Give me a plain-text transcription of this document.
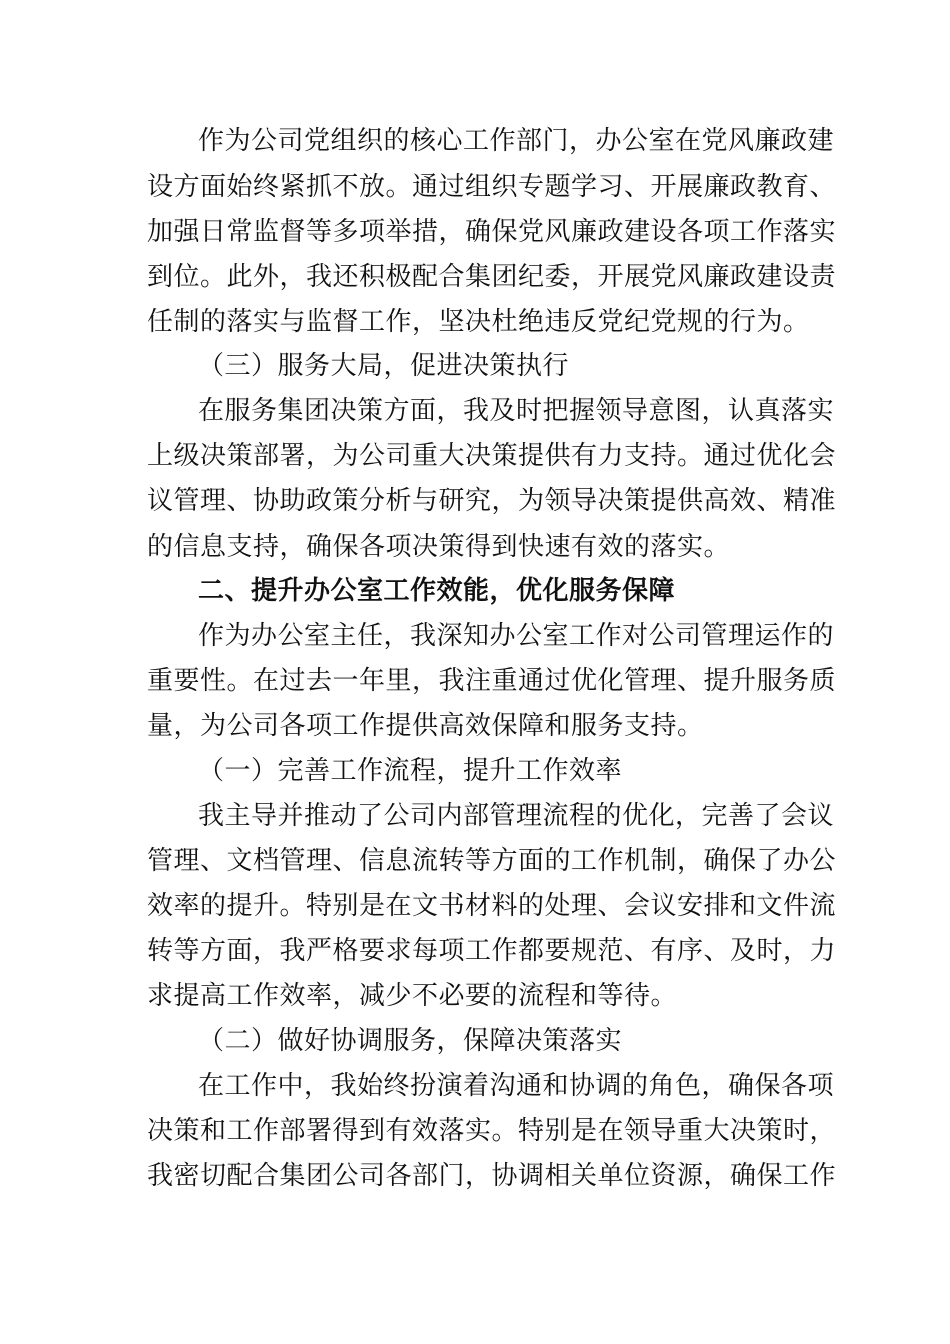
作为公司党组织的核心工作部门，办公室在党风廉政建
设方面始终紧抓不放。通过组织专题学习、开展廉政教育、
加强日常监督等多项举措，确保党风廉政建设各项工作落实
到位。此外，我还积极配合集团纪委，开展党风廉政建设责
任制的落实与监督工作，坚决杜绝违反党纪党规的行为。
（三）服务大局，促进决策执行
在服务集团决策方面，我及时把握领导意图，认真落实
上级决策部署，为公司重大决策提供有力支持。通过优化会
议管理、协助政策分析与研究，为领导决策提供高效、精准
的信息支持，确保各项决策得到快速有效的落实。
二、提升办公室工作效能，优化服务保障
作为办公室主任，我深知办公室工作对公司管理运作的
重要性。在过去一年里，我注重通过优化管理、提升服务质
量，为公司各项工作提供高效保障和服务支持。
（一）完善工作流程，提升工作效率
我主导并推动了公司内部管理流程的优化，完善了会议
管理、文档管理、信息流转等方面的工作机制，确保了办公
效率的提升。特别是在文书材料的处理、会议安排和文件流
转等方面，我严格要求每项工作都要规范、有序、及时，力
求提高工作效率，减少不必要的流程和等待。
（二）做好协调服务，保障决策落实
在工作中，我始终扮演着沟通和协调的角色，确保各项
决策和工作部署得到有效落实。特别是在领导重大决策时，
我密切配合集团公司各部门，协调相关单位资源，确保工作
